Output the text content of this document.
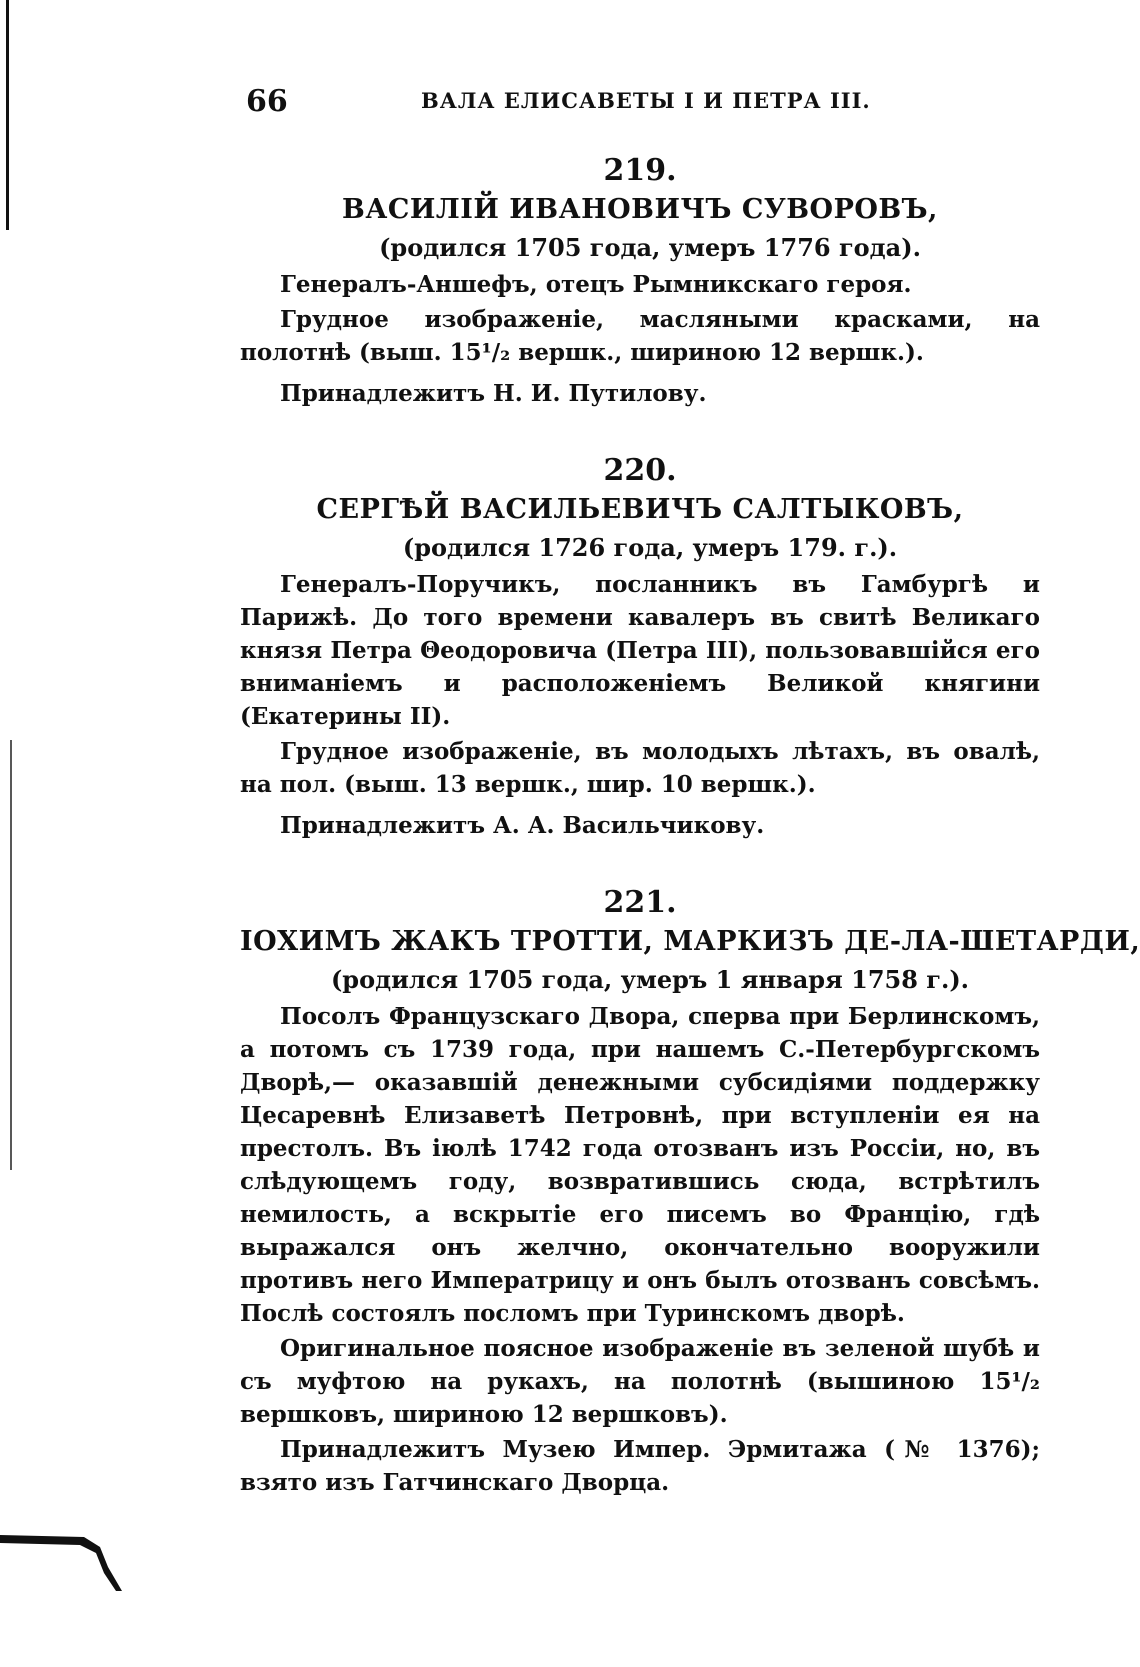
66	ВАЛА ЕЛИСАВЕТЫ І И ПЕТРА III.
219.
ВАСИЛІЙ ИВАНОВИЧЪ СУВОРОВЪ,
(родился 1705 года, умеръ 1776 года).

Генералъ-Аншефъ, отецъ Рымникскаго героя.

Грудное изображеніе, масляными красками, на полотнѣ (выш. 15¹/₂ вершк., шириною 12 вершк.).

Принадлежитъ Н. И. Путилову.

220.
СЕРГѢЙ ВАСИЛЬЕВИЧЪ САЛТЫКОВЪ,
(родился 1726 года, умеръ 179. г.).

Генералъ-Поручикъ, посланникъ въ Гамбургѣ и Парижѣ. До того времени кавалеръ въ свитѣ Великаго князя Петра Θеодоровича (Петра III), пользовавшійся его вниманіемъ и расположеніемъ Великой княгини (Екатерины II).

Грудное изображеніе, въ молодыхъ лѣтахъ, въ овалѣ, на пол. (выш. 13 вершк., шир. 10 вершк.).

Принадлежитъ А. А. Васильчикову.

221.
ІОХИМЪ ЖАКЪ ТРОТТИ, МАРКИЗЪ ДЕ-ЛА-ШЕТАРДИ,
(родился 1705 года, умеръ 1 января 1758 г.).

Посолъ Французскаго Двора, сперва при Берлинскомъ, а потомъ съ 1739 года, при нашемъ С.-Петербургскомъ Дворѣ,— оказавшій денежными субсидіями поддержку Цесаревнѣ Елизаветѣ Петровнѣ, при вступленіи ея на престолъ. Въ іюлѣ 1742 года отозванъ изъ Россіи, но, въ слѣдующемъ году, возвратившись сюда, встрѣтилъ немилость, а вскрытіе его писемъ во Францію, гдѣ выражался онъ желчно, окончательно вооружили противъ него Императрицу и онъ былъ отозванъ совсѣмъ. Послѣ состоялъ посломъ при Туринскомъ дворѣ.

Оригинальное поясное изображеніе въ зеленой шубѣ и съ муфтою на рукахъ, на полотнѣ (вышиною 15¹/₂ вершковъ, шириною 12 вершковъ).

Принадлежитъ Музею Импер. Эрмитажа (№ 1376); взято изъ Гатчинскаго Дворца.
